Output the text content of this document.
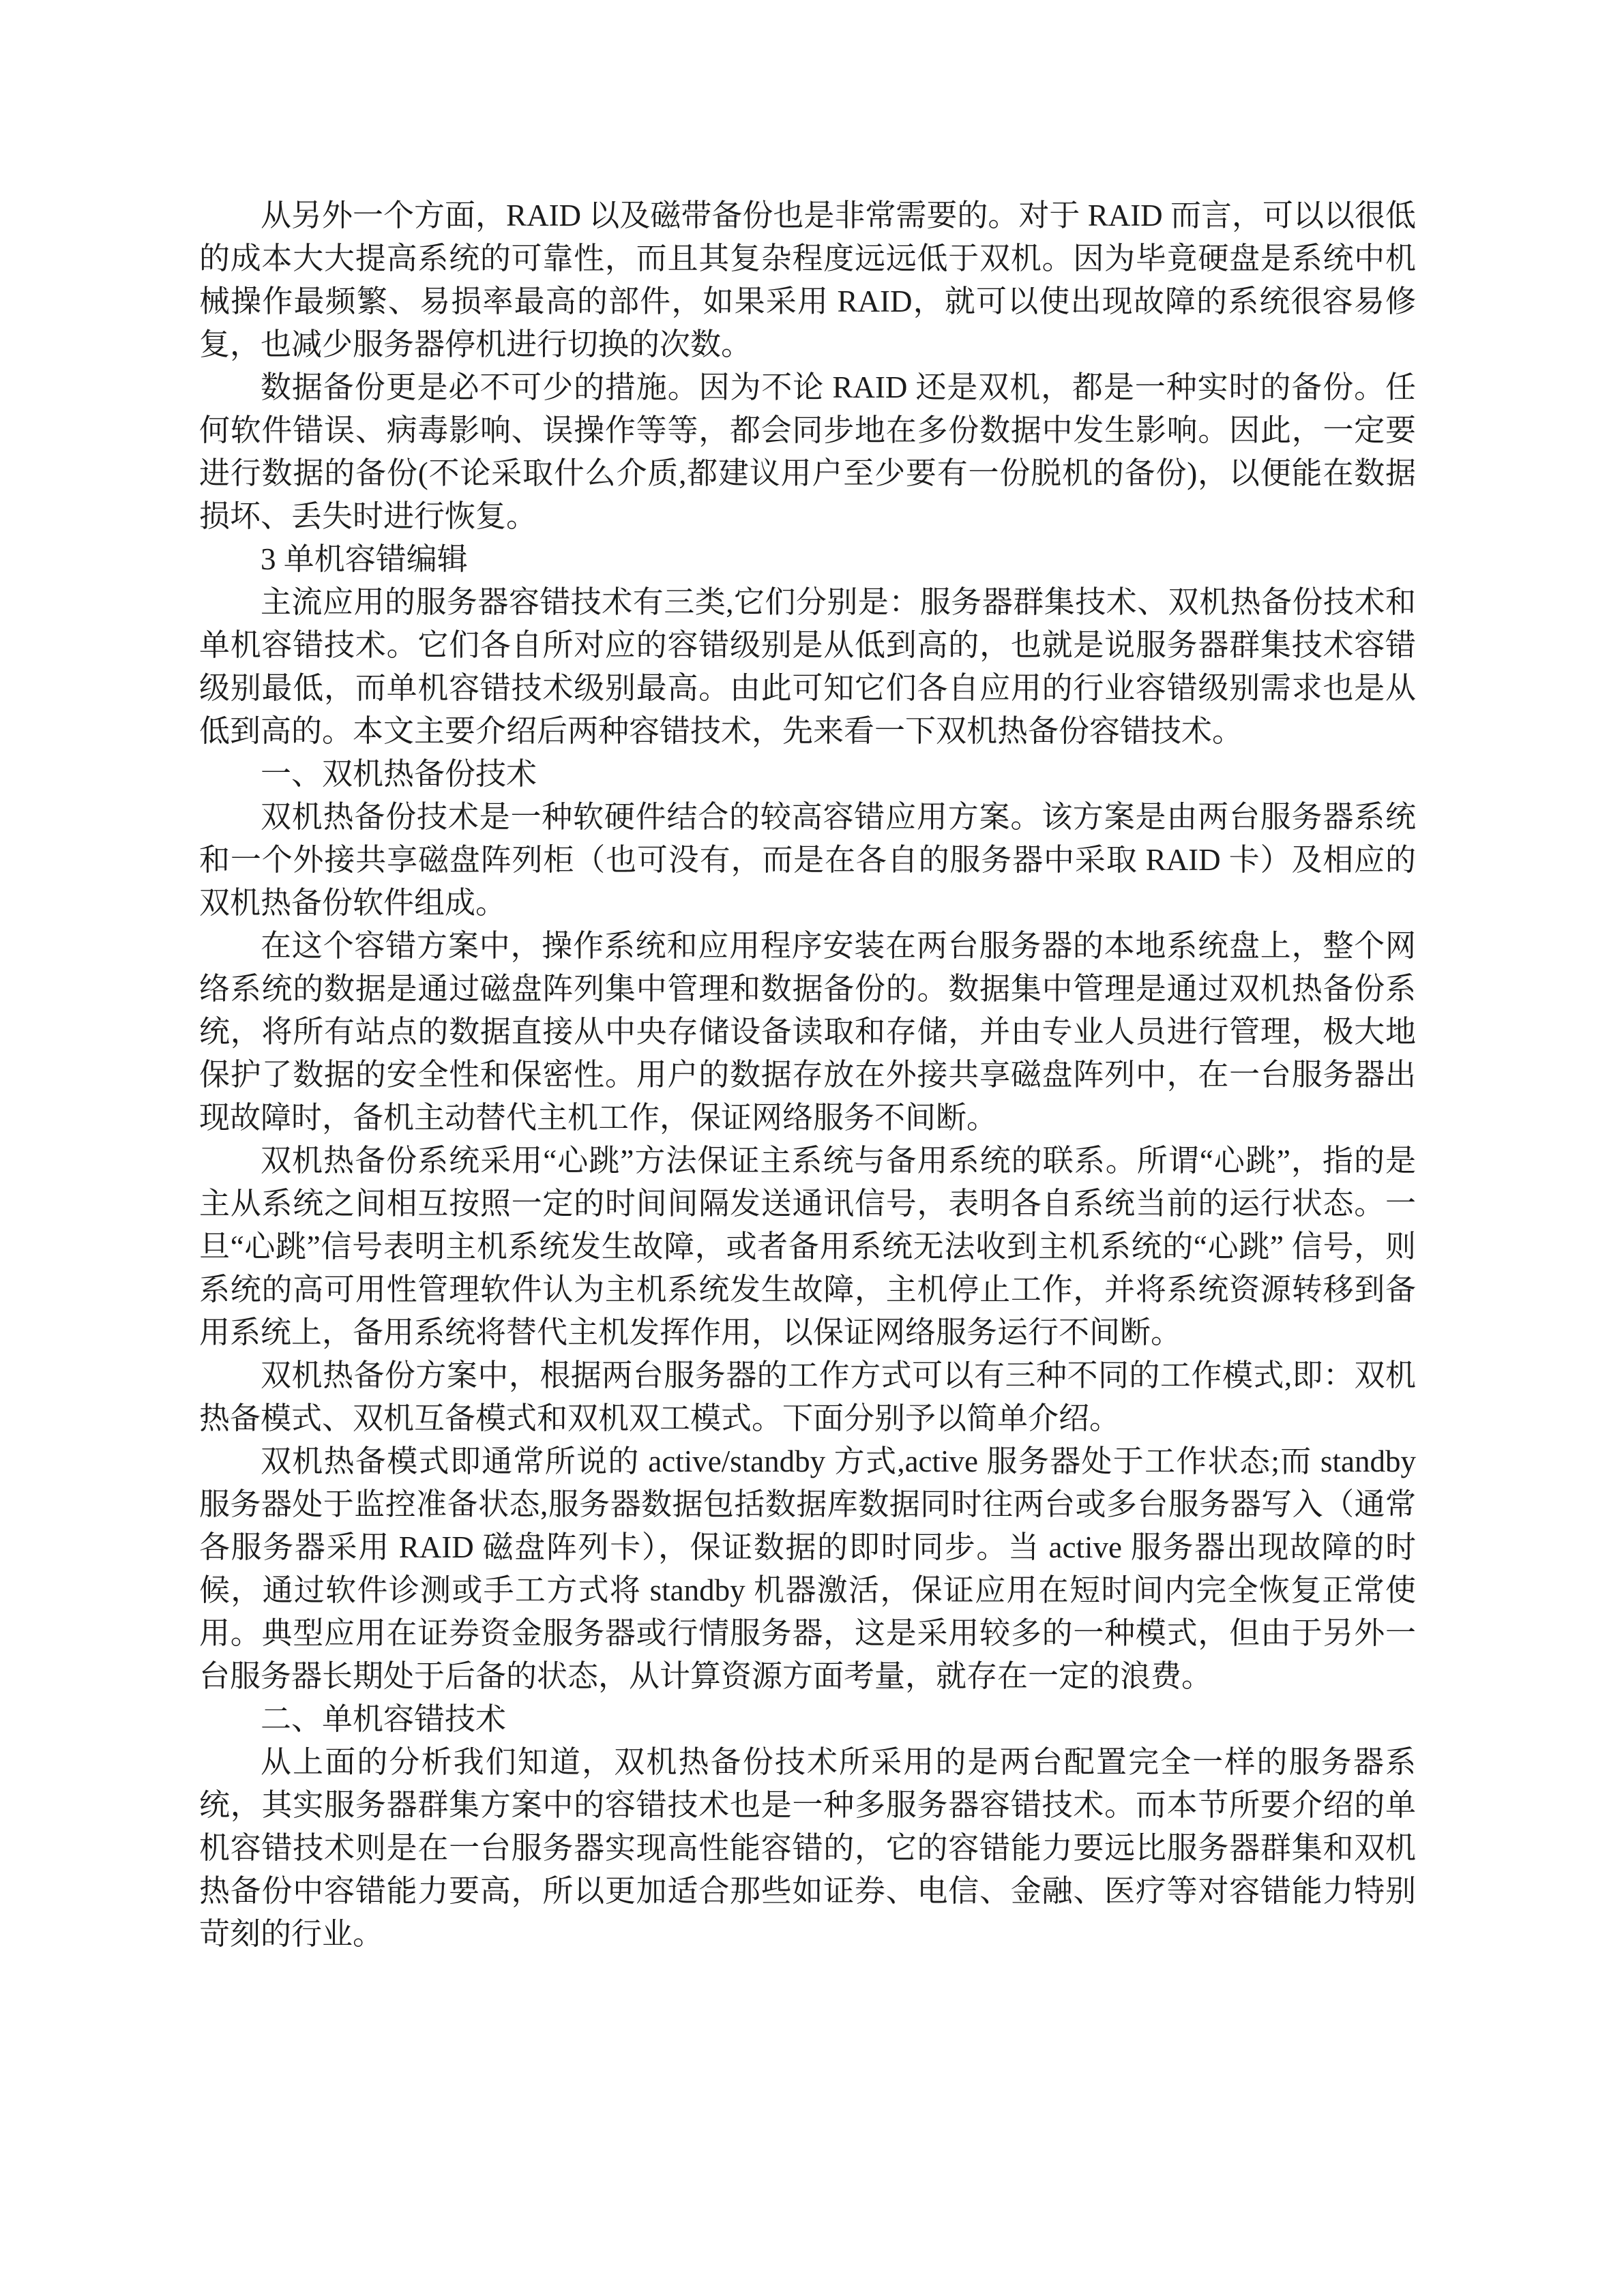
从另外一个方面，RAID 以及磁带备份也是非常需要的。对于 RAID 而言，可以以很低的成本大大提高系统的可靠性，而且其复杂程度远远低于双机。因为毕竟硬盘是系统中机械操作最频繁、易损率最高的部件，如果采用 RAID，就可以使出现故障的系统很容易修复，也减少服务器停机进行切换的次数。

数据备份更是必不可少的措施。因为不论 RAID 还是双机，都是一种实时的备份。任何软件错误、病毒影响、误操作等等，都会同步地在多份数据中发生影响。因此，一定要进行数据的备份(不论采取什么介质,都建议用户至少要有一份脱机的备份)，以便能在数据损坏、丢失时进行恢复。

3 单机容错编辑

主流应用的服务器容错技术有三类,它们分别是：服务器群集技术、双机热备份技术和单机容错技术。它们各自所对应的容错级别是从低到高的，也就是说服务器群集技术容错级别最低，而单机容错技术级别最高。由此可知它们各自应用的行业容错级别需求也是从低到高的。本文主要介绍后两种容错技术，先来看一下双机热备份容错技术。

一、双机热备份技术

双机热备份技术是一种软硬件结合的较高容错应用方案。该方案是由两台服务器系统和一个外接共享磁盘阵列柜（也可没有，而是在各自的服务器中采取 RAID 卡）及相应的双机热备份软件组成。

在这个容错方案中，操作系统和应用程序安装在两台服务器的本地系统盘上，整个网络系统的数据是通过磁盘阵列集中管理和数据备份的。数据集中管理是通过双机热备份系统，将所有站点的数据直接从中央存储设备读取和存储，并由专业人员进行管理，极大地保护了数据的安全性和保密性。用户的数据存放在外接共享磁盘阵列中，在一台服务器出现故障时，备机主动替代主机工作，保证网络服务不间断。

双机热备份系统采用“心跳”方法保证主系统与备用系统的联系。所谓“心跳”，指的是主从系统之间相互按照一定的时间间隔发送通讯信号，表明各自系统当前的运行状态。一旦“心跳”信号表明主机系统发生故障，或者备用系统无法收到主机系统的“心跳” 信号，则系统的高可用性管理软件认为主机系统发生故障，主机停止工作，并将系统资源转移到备用系统上，备用系统将替代主机发挥作用，以保证网络服务运行不间断。

双机热备份方案中，根据两台服务器的工作方式可以有三种不同的工作模式,即：双机热备模式、双机互备模式和双机双工模式。下面分别予以简单介绍。

双机热备模式即通常所说的 active/standby 方式,active 服务器处于工作状态;而 standby 服务器处于监控准备状态,服务器数据包括数据库数据同时往两台或多台服务器写入（通常各服务器采用 RAID 磁盘阵列卡），保证数据的即时同步。当 active 服务器出现故障的时候，通过软件诊测或手工方式将 standby 机器激活，保证应用在短时间内完全恢复正常使用。典型应用在证券资金服务器或行情服务器，这是采用较多的一种模式，但由于另外一台服务器长期处于后备的状态，从计算资源方面考量，就存在一定的浪费。

二、单机容错技术

从上面的分析我们知道，双机热备份技术所采用的是两台配置完全一样的服务器系统，其实服务器群集方案中的容错技术也是一种多服务器容错技术。而本节所要介绍的单机容错技术则是在一台服务器实现高性能容错的，它的容错能力要远比服务器群集和双机热备份中容错能力要高，所以更加适合那些如证券、电信、金融、医疗等对容错能力特别苛刻的行业。
